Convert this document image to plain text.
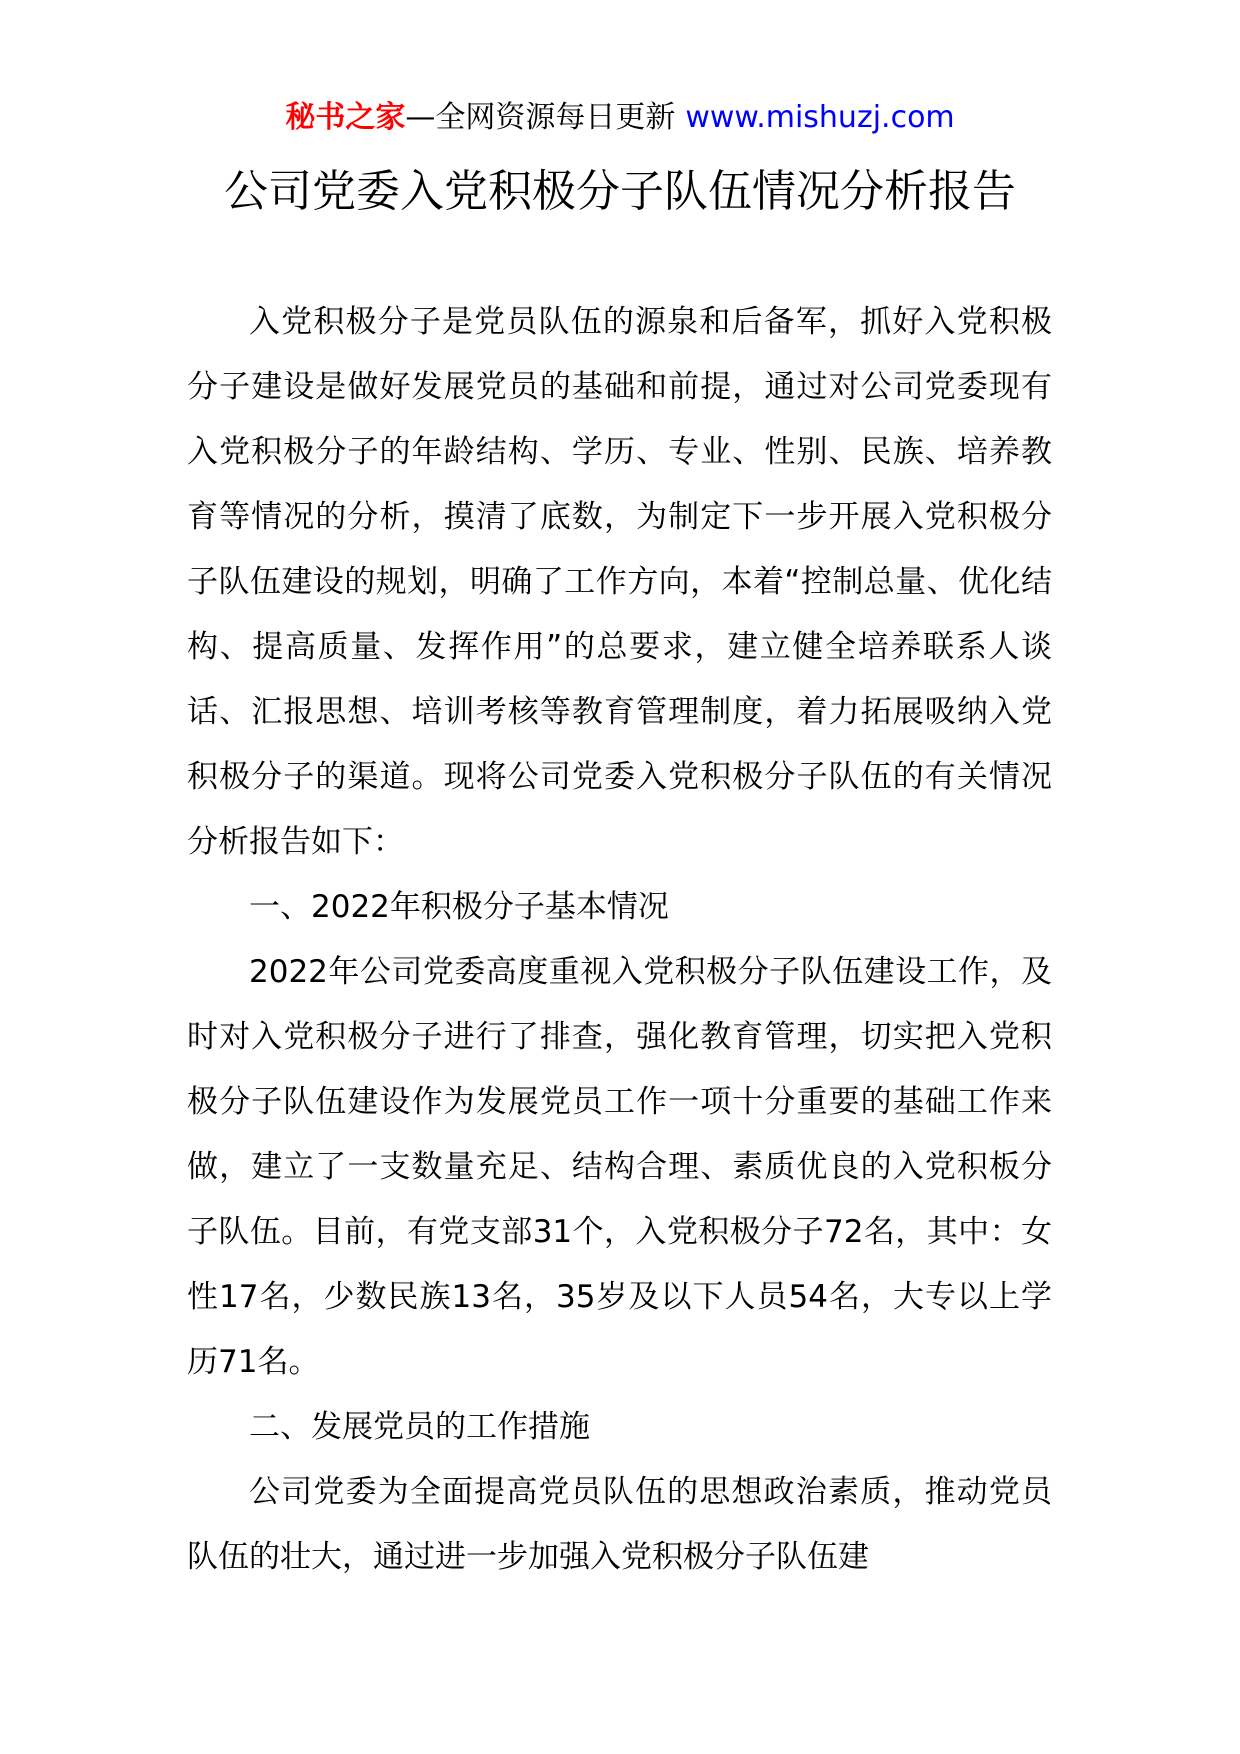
秘书之家—全网资源每日更新 www.mishuzj.com
公司党委入党积极分子队伍情况分析报告

入党积极分子是党员队伍的源泉和后备军，抓好入党积极分子建设是做好发展党员的基础和前提，通过对公司党委现有入党积极分子的年龄结构、学历、专业、性别、民族、培养教育等情况的分析，摸清了底数，为制定下一步开展入党积极分子队伍建设的规划，明确了工作方向，本着“控制总量、优化结构、提高质量、发挥作用”的总要求，建立健全培养联系人谈话、汇报思想、培训考核等教育管理制度，着力拓展吸纳入党积极分子的渠道。现将公司党委入党积极分子队伍的有关情况分析报告如下：

一、2022年积极分子基本情况

2022年公司党委高度重视入党积极分子队伍建设工作，及时对入党积极分子进行了排查，强化教育管理，切实把入党积极分子队伍建设作为发展党员工作一项十分重要的基础工作来做，建立了一支数量充足、结构合理、素质优良的入党积板分子队伍。目前，有党支部31个，入党积极分子72名，其中：女性17名，少数民族13名，35岁及以下人员54名，大专以上学历71名。

二、发展党员的工作措施

公司党委为全面提高党员队伍的思想政治素质，推动党员队伍的壮大，通过进一步加强入党积极分子队伍建
